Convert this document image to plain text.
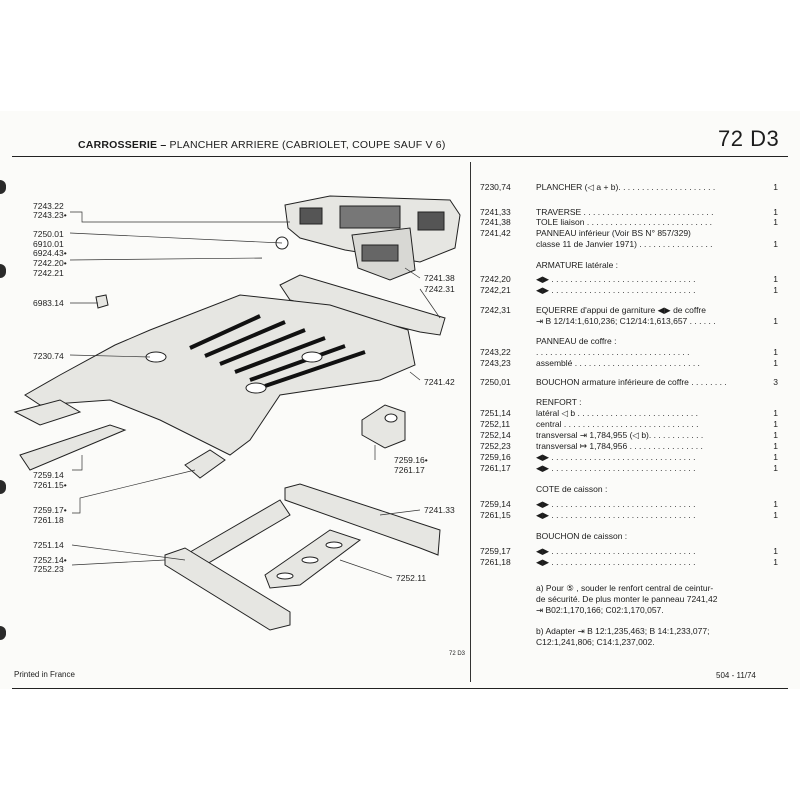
CARROSSERIE – PLANCHER ARRIERE (CABRIOLET, COUPE SAUF V 6)	72 D3
7243.22
7243.23•
7250.01
6910.01
6924.43•
7242.20•
7242.21
6983.14
7230.74
7259.14
7261.15•
7259.17•
7261.18
7251.14
7252.14•
7252.23
7241.38
7242.31
7241.42
7259.16•
7261.17
7241.33
7252.11
72 D3
7230,74	PLANCHER (◁ a + b). . . . . . . . . . . . . . . . . . . . .	1
7241,33	TRAVERSE . . . . . . . . . . . . . . . . . . . . . . . . . . . .	1
7241,38	TOLE liaison . . . . . . . . . . . . . . . . . . . . . . . . . . .	1
7241,42	PANNEAU inférieur (Voir BS N° 857/329)
classe 11 de Janvier 1971) . . . . . . . . . . . . . . . .	1
ARMATURE latérale :
7242,20	◀▶ . . . . . . . . . . . . . . . . . . . . . . . . . . . . . . .	1
7242,21	◀▶ . . . . . . . . . . . . . . . . . . . . . . . . . . . . . . .	1
7242,31	EQUERRE d'appui de garniture ◀▶ de coffre
⇥ B 12/14:1,610,236; C12/14:1,613,657 . . . . . .	1
PANNEAU de coffre :
7243,22	. . . . . . . . . . . . . . . . . . . . . . . . . . . . . . . . .	1
7243,23	assemblé . . . . . . . . . . . . . . . . . . . . . . . . . . .	1
7250,01	BOUCHON armature inférieure de coffre . . . . . . . .	3
RENFORT :
7251,14	latéral ◁ b . . . . . . . . . . . . . . . . . . . . . . . . . .	1
7252,11	central . . . . . . . . . . . . . . . . . . . . . . . . . . . . .	1
7252,14	transversal ⇥ 1,784,955 (◁ b). . . . . . . . . . . .	1
7252,23	transversal ↦ 1,784,956 . . . . . . . . . . . . . . . .	1
7259,16	◀▶ . . . . . . . . . . . . . . . . . . . . . . . . . . . . . . .	1
7261,17	◀▶ . . . . . . . . . . . . . . . . . . . . . . . . . . . . . . .	1
COTE de caisson :
7259,14	◀▶ . . . . . . . . . . . . . . . . . . . . . . . . . . . . . . .	1
7261,15	◀▶ . . . . . . . . . . . . . . . . . . . . . . . . . . . . . . .	1
BOUCHON de caisson :
7259,17	◀▶ . . . . . . . . . . . . . . . . . . . . . . . . . . . . . . .	1
7261,18	◀▶ . . . . . . . . . . . . . . . . . . . . . . . . . . . . . . .	1
a) Pour ⑤ , souder le renfort central de ceintur-
de sécurité. De plus monter le panneau 7241,42
⇥ B02:1,170,166; C02:1,170,057.
b) Adapter ⇥ B 12:1,235,463; B 14:1,233,077;
C12:1,241,806; C14:1,237,002.
Printed in France	504 - 11/74
